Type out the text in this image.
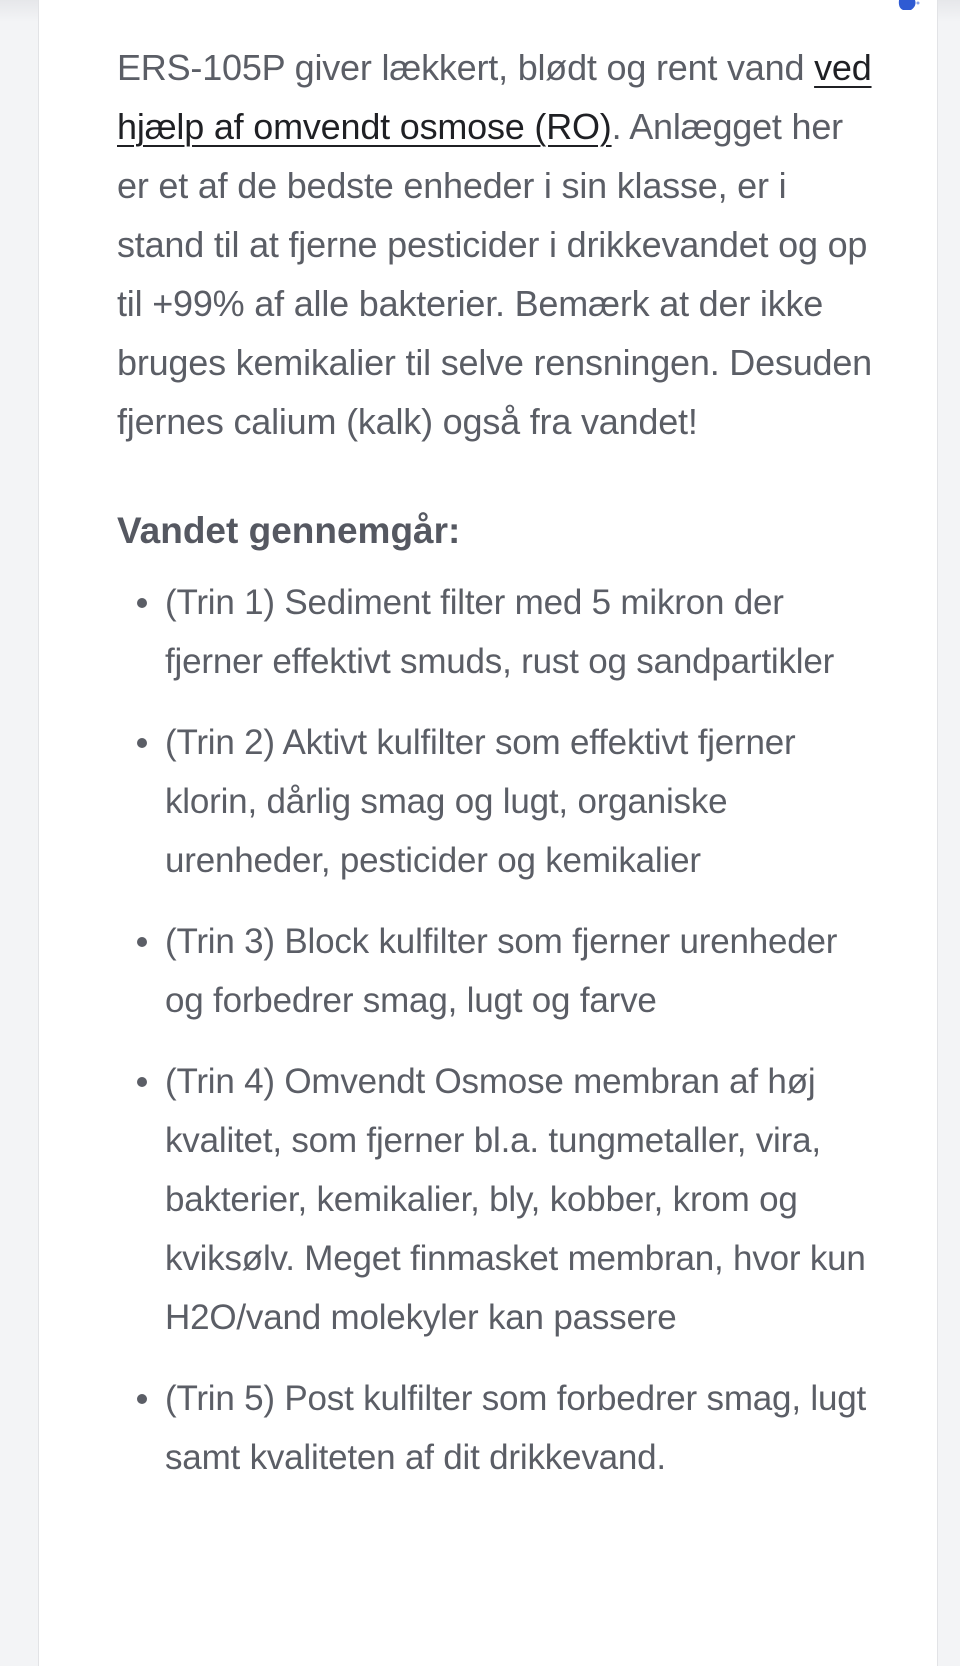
ERS-105P giver lækkert, blødt og rent vand ved hjælp af omvendt osmose (RO). Anlægget her er et af de bedste enheder i sin klasse, er i stand til at fjerne pesticider i drikkevandet og op til +99% af alle bakterier. Bemærk at der ikke bruges kemikalier til selve rensningen. Desuden fjernes calium (kalk) også fra vandet!

Vandet gennemgår:
(Trin 1) Sediment filter med 5 mikron der fjerner effektivt smuds, rust og sandpartikler
(Trin 2) Aktivt kulfilter som effektivt fjerner klorin, dårlig smag og lugt, organiske urenheder, pesticider og kemikalier
(Trin 3) Block kulfilter som fjerner urenheder og forbedrer smag, lugt og farve
(Trin 4) Omvendt Osmose membran af høj kvalitet, som fjerner bl.a. tungmetaller, vira, bakterier, kemikalier, bly, kobber, krom og kviksølv. Meget finmasket membran, hvor kun H2O/vand molekyler kan passere
(Trin 5) Post kulfilter som forbedrer smag, lugt samt kvaliteten af dit drikkevand.
